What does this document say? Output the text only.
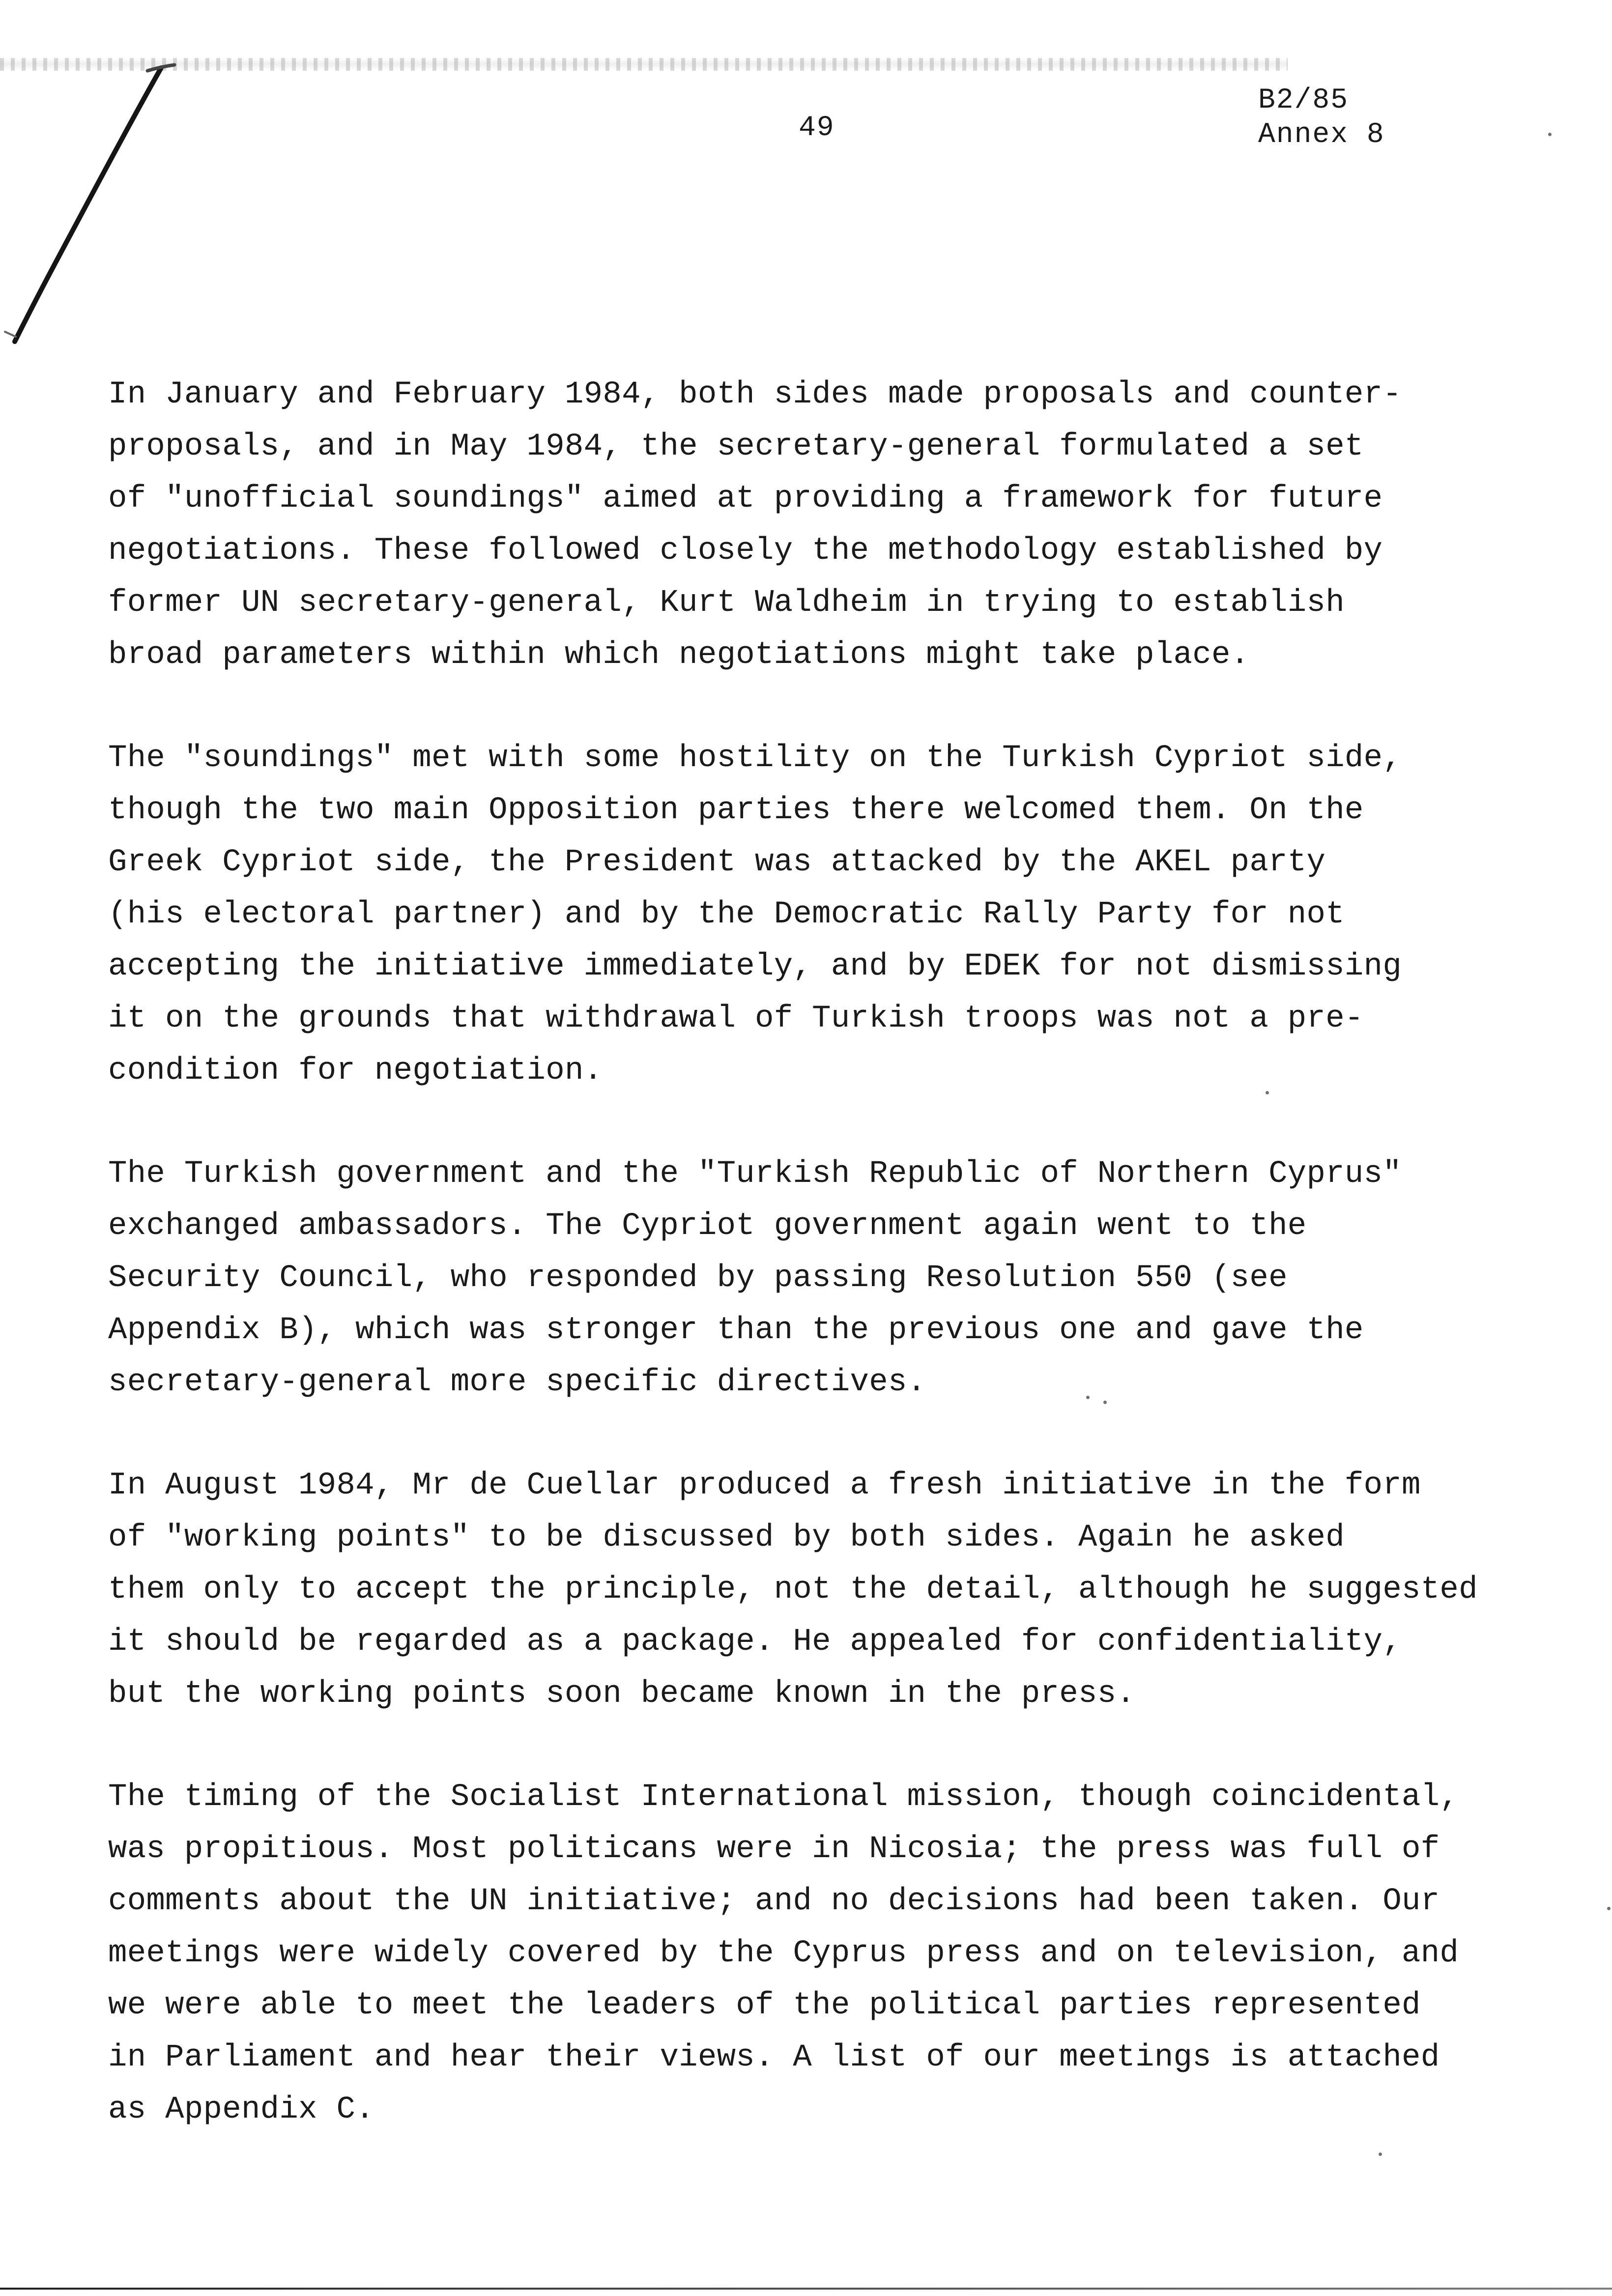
49
B2/85
Annex 8

In January and February 1984, both sides made proposals and counter-
proposals, and in May 1984, the secretary-general formulated a set
of "unofficial soundings" aimed at providing a framework for future
negotiations. These followed closely the methodology established by
former UN secretary-general, Kurt Waldheim in trying to establish
broad parameters within which negotiations might take place.

The "soundings" met with some hostility on the Turkish Cypriot side,
though the two main Opposition parties there welcomed them. On the
Greek Cypriot side, the President was attacked by the AKEL party
(his electoral partner) and by the Democratic Rally Party for not
accepting the initiative immediately, and by EDEK for not dismissing
it on the grounds that withdrawal of Turkish troops was not a pre-
condition for negotiation.

The Turkish government and the "Turkish Republic of Northern Cyprus"
exchanged ambassadors. The Cypriot government again went to the
Security Council, who responded by passing Resolution 550 (see
Appendix B), which was stronger than the previous one and gave the
secretary-general more specific directives.

In August 1984, Mr de Cuellar produced a fresh initiative in the form
of "working points" to be discussed by both sides. Again he asked
them only to accept the principle, not the detail, although he suggested
it should be regarded as a package. He appealed for confidentiality,
but the working points soon became known in the press.

The timing of the Socialist International mission, though coincidental,
was propitious. Most politicans were in Nicosia; the press was full of
comments about the UN initiative; and no decisions had been taken. Our
meetings were widely covered by the Cyprus press and on television, and
we were able to meet the leaders of the political parties represented
in Parliament and hear their views. A list of our meetings is attached
as Appendix C.
